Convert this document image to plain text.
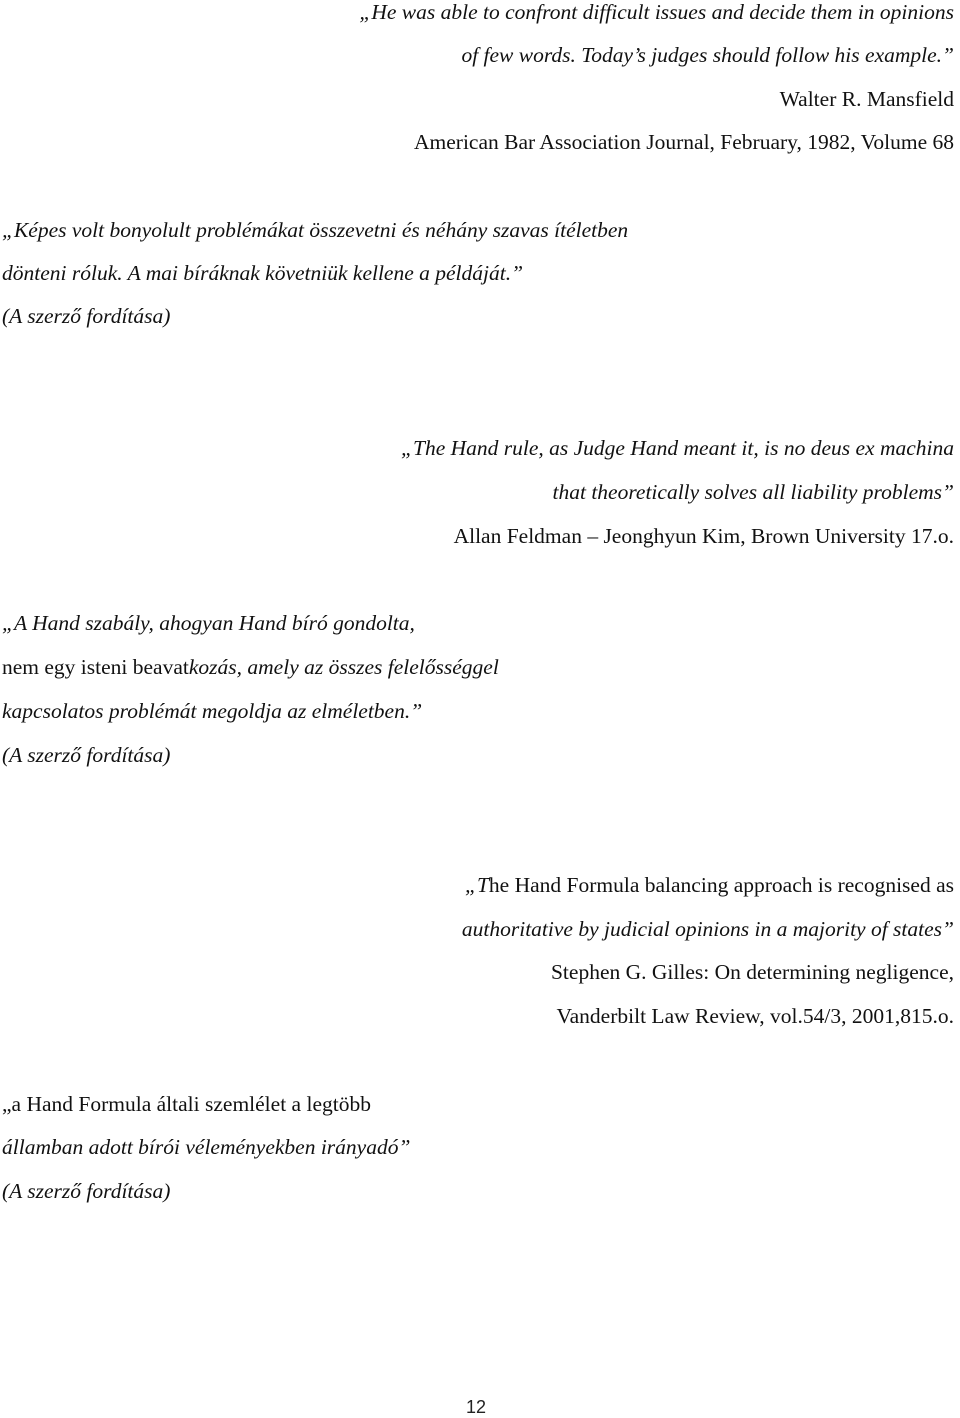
„He was able to confront difficult issues and decide them in opinions
of few words. Today’s judges should follow his example.”
Walter R. Mansfield
American Bar Association Journal, February, 1982, Volume 68
„Képes volt bonyolult problémákat összevetni és néhány szavas ítéletben
dönteni róluk. A mai bíráknak követniük kellene a példáját.”
(A szerző fordítása)
„The Hand rule, as Judge Hand meant it, is no deus ex machina
that theoretically solves all liability problems”
Allan Feldman – Jeonghyun Kim, Brown University 17.o.
„A Hand szabály, ahogyan Hand bíró gondolta,
nem egy isteni beavatkozás, amely az összes felelősséggel
kapcsolatos problémát megoldja az elméletben.”
(A szerző fordítása)
„The Hand Formula balancing approach is recognised as
authoritative by judicial opinions in a majority of states”
Stephen G. Gilles: On determining negligence,
Vanderbilt Law Review, vol.54/3, 2001,815.o.
„a Hand Formula általi szemlélet a legtöbb
államban adott bírói véleményekben irányadó”
(A szerző fordítása)
12
